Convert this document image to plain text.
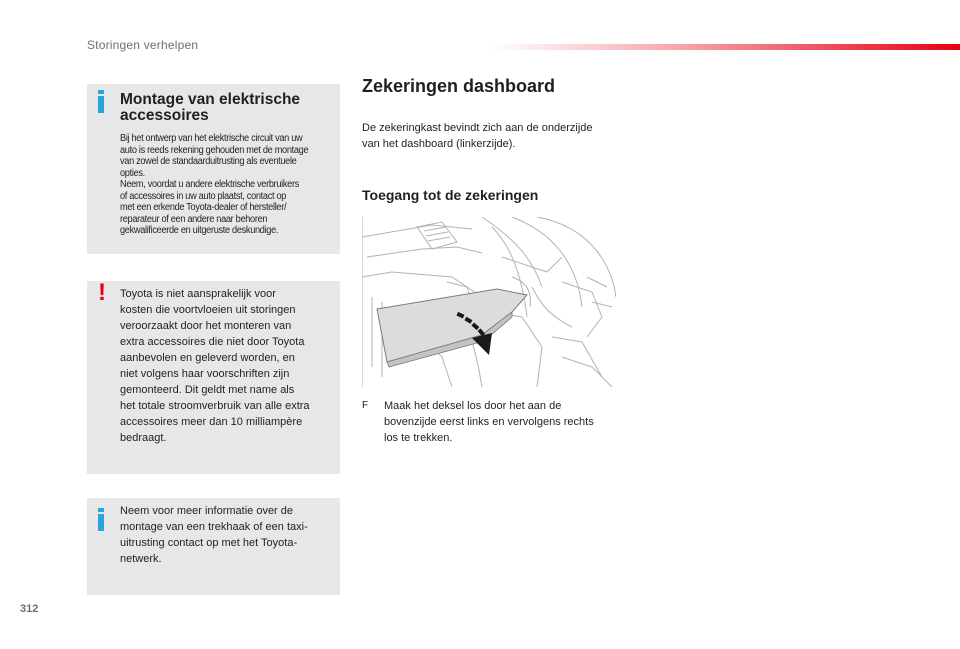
Storingen verhelpen
Montage van elektrische accessoires
Bij het ontwerp van het elektrische circuit van uw
auto is reeds rekening gehouden met de montage
van zowel de standaarduitrusting als eventuele
opties.
Neem, voordat u andere elektrische verbruikers
of accessoires in uw auto plaatst, contact op
met een erkende Toyota-dealer of hersteller/
reparateur of een andere naar behoren
gekwalificeerde en uitgeruste deskundige.
! Toyota is niet aansprakelijk voor
kosten die voortvloeien uit storingen
veroorzaakt door het monteren van
extra accessoires die niet door Toyota
aanbevolen en geleverd worden, en
niet volgens haar voorschriften zijn
gemonteerd. Dit geldt met name als
het totale stroomverbruik van alle extra
accessoires meer dan 10 milliampère
bedraagt.
Neem voor meer informatie over de
montage van een trekhaak of een taxi-
uitrusting contact op met het Toyota-
netwerk.
Zekeringen dashboard
De zekeringkast bevindt zich aan de onderzijde
van het dashboard (linkerzijde).
Toegang tot de zekeringen
F Maak het deksel los door het aan de
bovenzijde eerst links en vervolgens rechts
los te trekken.
312
